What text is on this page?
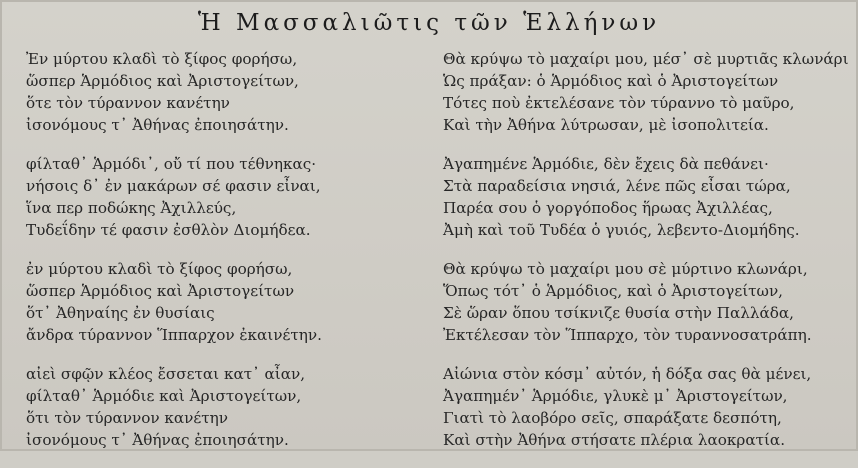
Ἡ Μασσαλιῶτις τῶν Ἑλλήνων
Ἐν μύρτου κλαδὶ τὸ ξίφος φορήσω,
ὥσπερ Ἁρμόδιος καὶ Ἀριστογείτων,
ὅτε τὸν τύραννον κανέτην
ἰσονόμους τ᾽ Ἀθήνας ἐποιησάτην.
φίλταθ᾽ Ἁρμόδι᾽, οὔ τί που τέθνηκας·
νήσοις δ᾽ ἐν μακάρων σέ φασιν εἶναι,
ἵνα περ ποδώκης Ἀχιλλεύς,
Τυδεΐδην τέ φασιν ἐσθλὸν Διομήδεα.
ἐν μύρτου κλαδὶ τὸ ξίφος φορήσω,
ὥσπερ Ἁρμόδιος καὶ Ἀριστογείτων
ὅτ᾽ Ἀθηναίης ἐν θυσίαις
ἄνδρα τύραννον Ἵππαρχον ἐκαινέτην.
αἰεὶ σφῷν κλέος ἔσσεται κατ᾽ αἶαν,
φίλταθ᾽ Ἁρμόδιε καὶ Ἀριστογείτων,
ὅτι τὸν τύραννον κανέτην
ἰσονόμους τ᾽ Ἀθήνας ἐποιησάτην.
Θὰ κρύψω τὸ μαχαίρι μου, μέσ᾽ σὲ μυρτιᾶς κλωνάρι
Ὡς πράξαν: ὁ Ἁρμόδιος καὶ ὁ Ἀριστογείτων
Τότες ποὺ ἐκτελέσανε τὸν τύραννο τὸ μαῦρο,
Καὶ τὴν Ἀθήνα λύτρωσαν, μὲ ἰσοπολιτεία.
Ἀγαπημένε Ἁρμόδιε, δὲν ἔχεις δὰ πεθάνει·
Στὰ παραδείσια νησιά, λένε πῶς εἶσαι τώρα,
Παρέα σου ὁ γοργόποδος ἥρωας Ἀχιλλέας,
Ἀμὴ καὶ τοῦ Τυδέα ὁ γυιός, λεβεντο-Διομήδης.
Θὰ κρύψω τὸ μαχαίρι μου σὲ μύρτινο κλωνάρι,
Ὅπως τότ᾽ ὁ Ἁρμόδιος, καὶ ὁ Ἀριστογείτων,
Σὲ ὥραν ὅπου τσίκνιζε θυσία στὴν Παλλάδα,
Ἐκτέλεσαν τὸν Ἵππαρχο, τὸν τυραννοσατράπη.
Αἰώνια στὸν κόσμ᾽ αὐτόν, ἡ δόξα σας θὰ μένει,
Ἀγαπημέν᾽ Ἁρμόδιε, γλυκὲ μ᾽ Ἀριστογείτων,
Γιατὶ τὸ λαοβόρο σεῖς, σπαράξατε δεσπότη,
Καὶ στὴν Ἀθήνα στήσατε πλέρια λαοκρατία.
